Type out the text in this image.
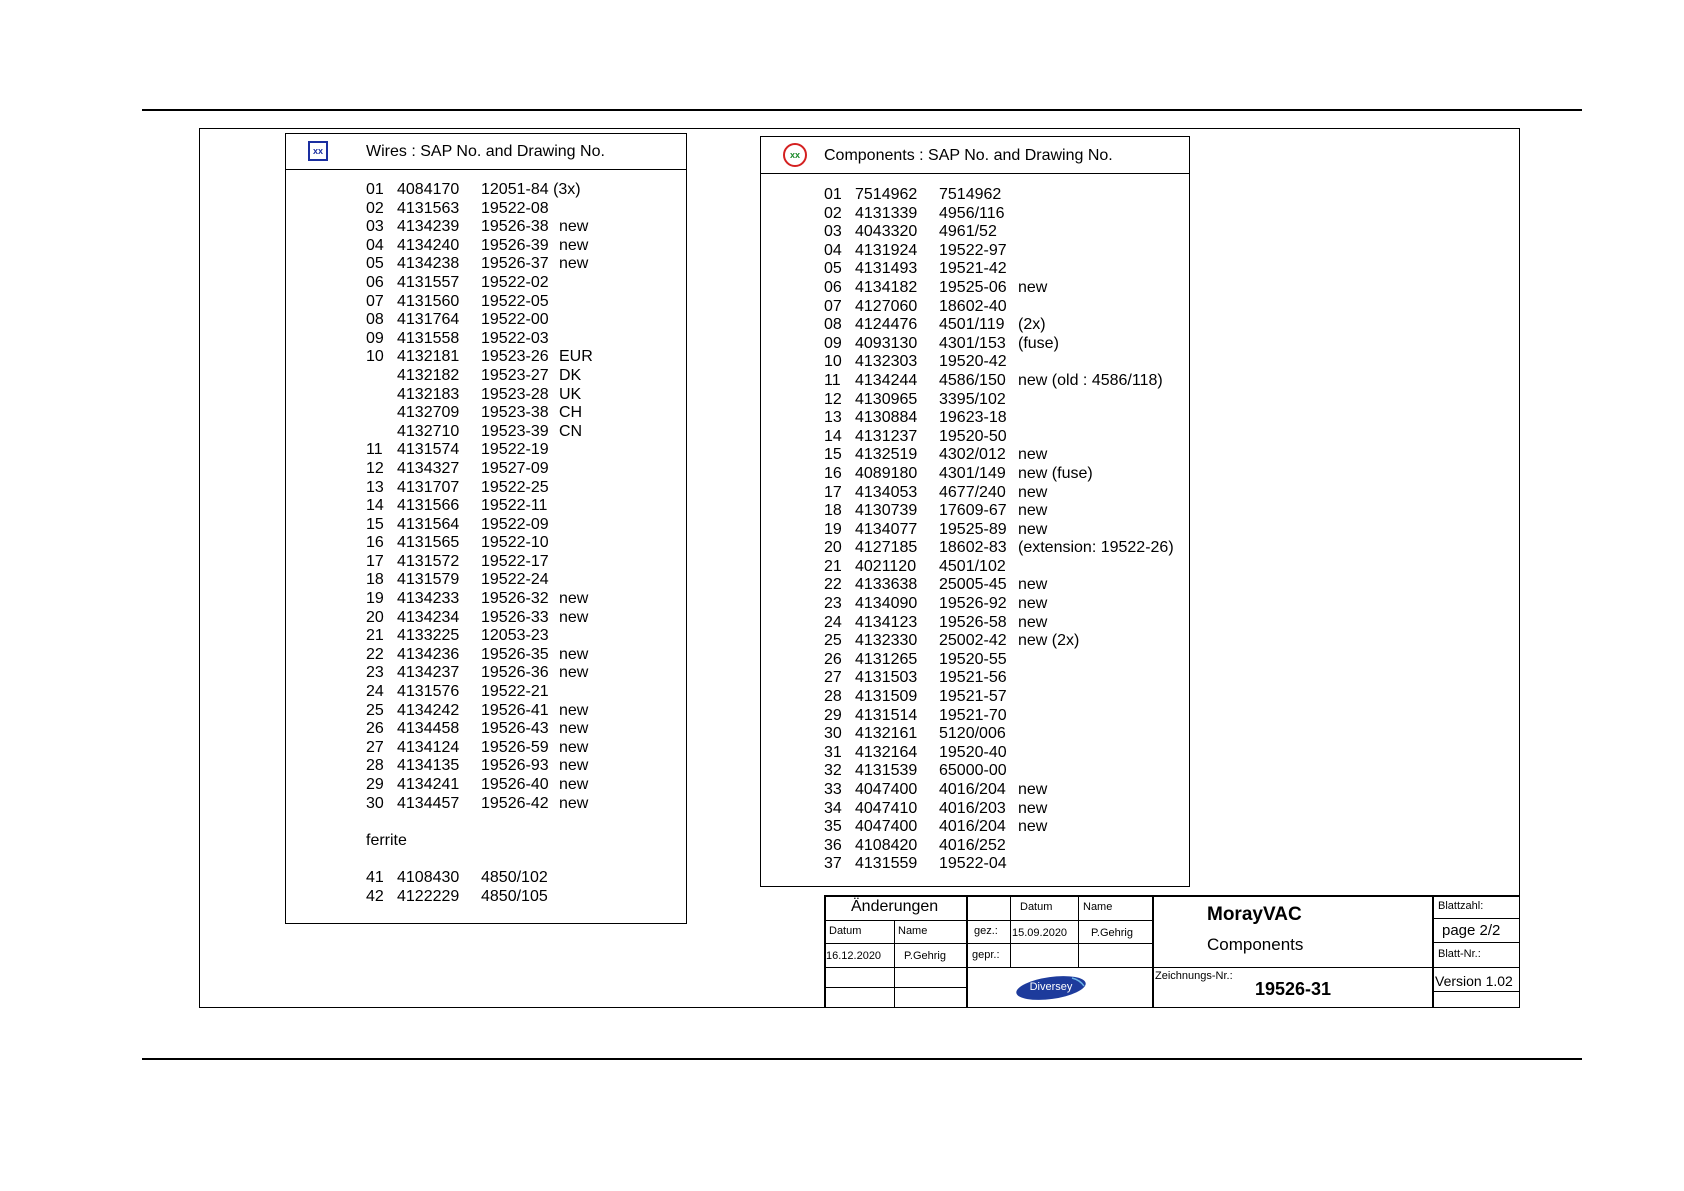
xx	Wires : SAP No. and Drawing No.
01 4084170 12051-84 (3x)
02 4131563 19522-08
03 4134239 19526-38 new
04 4134240 19526-39 new
05 4134238 19526-37 new
06 4131557 19522-02
07 4131560 19522-05
08 4131764 19522-00
09 4131558 19522-03
10 4132181 19523-26 EUR
4132182 19523-27 DK
4132183 19523-28 UK
4132709 19523-38 CH
4132710 19523-39 CN
11 4131574 19522-19
12 4134327 19527-09
13 4131707 19522-25
14 4131566 19522-11
15 4131564 19522-09
16 4131565 19522-10
17 4131572 19522-17
18 4131579 19522-24
19 4134233 19526-32 new
20 4134234 19526-33 new
21 4133225 12053-23
22 4134236 19526-35 new
23 4134237 19526-36 new
24 4131576 19522-21
25 4134242 19526-41 new
26 4134458 19526-43 new
27 4134124 19526-59 new
28 4134135 19526-93 new
29 4134241 19526-40 new
30 4134457 19526-42 new
ferrite
41 4108430 4850/102
42 4122229 4850/105
xx	Components : SAP No. and Drawing No.
01 7514962 7514962
02 4131339 4956/116
03 4043320 4961/52
04 4131924 19522-97
05 4131493 19521-42
06 4134182 19525-06 new
07 4127060 18602-40
08 4124476 4501/119 (2x)
09 4093130 4301/153 (fuse)
10 4132303 19520-42
11 4134244 4586/150 new (old : 4586/118)
12 4130965 3395/102
13 4130884 19623-18
14 4131237 19520-50
15 4132519 4302/012 new
16 4089180 4301/149 new (fuse)
17 4134053 4677/240 new
18 4130739 17609-67 new
19 4134077 19525-89 new
20 4127185 18602-83 (extension: 19522-26)
21 4021120 4501/102
22 4133638 25005-45 new
23 4134090 19526-92 new
24 4134123 19526-58 new
25 4132330 25002-42 new (2x)
26 4131265 19520-55
27 4131503 19521-56
28 4131509 19521-57
29 4131514 19521-70
30 4132161 5120/006
31 4132164 19520-40
32 4131539 65000-00
33 4047400 4016/204 new
34 4047410 4016/203 new
35 4047400 4016/204 new
36 4108420 4016/252
37 4131559 19522-04
Änderungen
Datum	Name
16.12.2020 P.Gehrig
Datum	Name
gez.: 15.09.2020 P.Gehrig
gepr.:
Diversey
MorayVAC
Components
Zeichnungs-Nr.:
19526-31
Blattzahl:
page 2/2
Blatt-Nr.:
Version 1.02
